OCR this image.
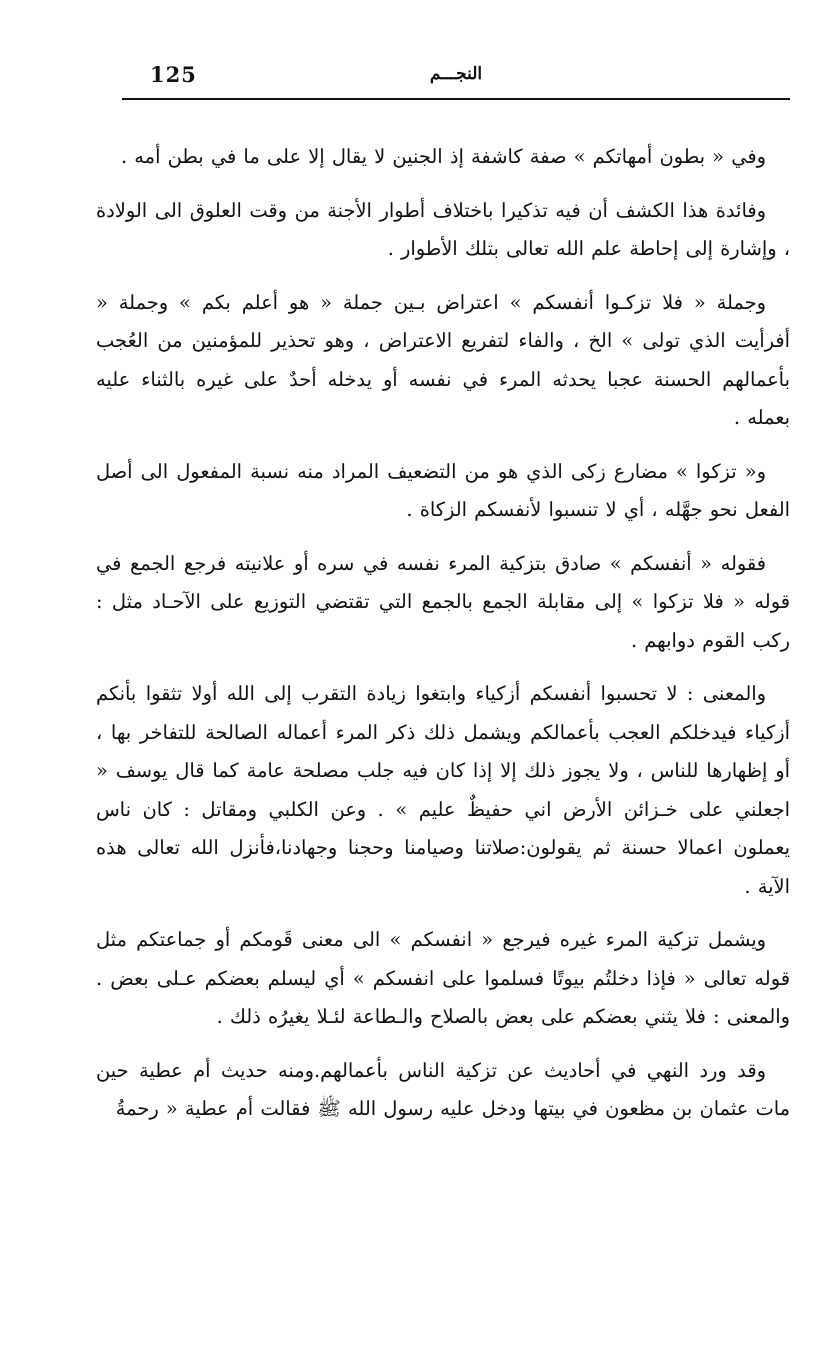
125	النجـــم

وفي « بطون أمهاتكم » صفة كاشفة إذ الجنين لا يقال إلا على ما في بطن أمه .

وفائدة هذا الكشف أن فيه تذكيرا باختلاف أطوار الأجنة من وقت العلوق الى الولادة ، وإشارة إلى إحاطة علم الله تعالى بتلك الأطوار .

وجملة « فلا تزكـوا أنفسكم » اعتراض بـين جملة « هو أعلم بكم » وجملة « أفرأيت الذي تولى » الخ ، والفاء لتفريع الاعتراض ، وهو تحذير للمؤمنين من العُجب بأعمالهم الحسنة عجبا يحدثه المرء في نفسه أو يدخله أحدٌ على غيره بالثناء عليه بعمله .

و« تزكوا » مضارع زكى الذي هو من التضعيف المراد منه نسبة المفعول الى أصل الفعل نحو جهَّله ، أي لا تنسبوا لأنفسكم الزكاة .

فقوله « أنفسكم » صادق بتزكية المرء نفسه في سره أو علانيته فرجع الجمع في قوله « فلا تزكوا » إلى مقابلة الجمع بالجمع التي تقتضي التوزيع على الآحـاد مثل : ركب القوم دوابهم .

والمعنى : لا تحسبوا أنفسكم أزكياء وابتغوا زيادة التقرب إلى الله أولا تثقوا بأنكم أزكياء فيدخلكم العجب بأعمالكم ويشمل ذلك ذكر المرء أعماله الصالحة للتفاخر بها ، أو إظهارها للناس ، ولا يجوز ذلك إلا إذا كان فيه جلب مصلحة عامة كما قال يوسف « اجعلني على خـزائن الأرض اني حفيظٌ عليم » . وعن الكلبي ومقاتل : كان ناس يعملون اعمالا حسنة ثم يقولون:صلاتنا وصيامنا وحجنا وجهادنا،فأنزل الله تعالى هذه الآية .

ويشمل تزكية المرء غيره فيرجع « انفسكم » الى معنى قَومكم أو جماعتكم مثل قوله تعالى « فإذا دخلتُم بيوتًا فسلموا على انفسكم » أي ليسلم بعضكم عـلى بعض . والمعنى : فلا يثني بعضكم على بعض بالصلاح والـطاعة لئـلا يغيرُه ذلك .

وقد ورد النهي في أحاديث عن تزكية الناس بأعمالهم.ومنه حديث أم عطية حين مات عثمان بن مظعون في بيتها ودخل عليه رسول الله ﷺ فقالت أم عطية « رحمةُ
